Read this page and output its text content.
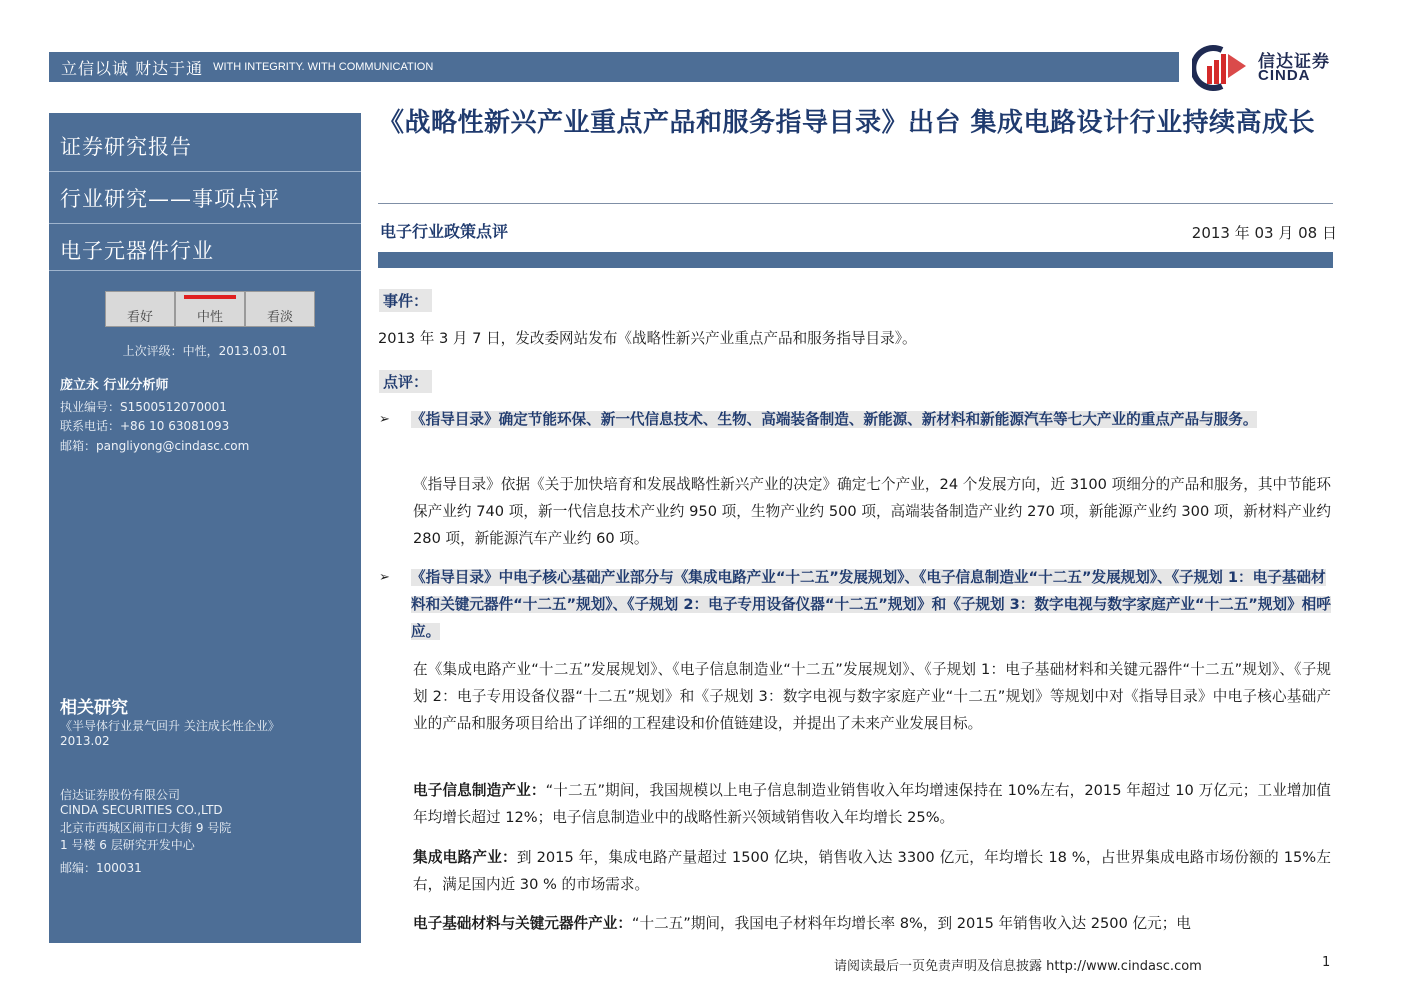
立信以诚 财达于通 WITH INTEGRITY. WITH COMMUNICATION	信达证券
CINDA
证券研究报告
行业研究——事项点评
电子元器件行业
看好	中性	看淡
上次评级：中性，2013.03.01
庞立永 行业分析师
执业编号：S1500512070001
联系电话：+86 10 63081093
邮箱：pangliyong@cindasc.com
相关研究
《半导体行业景气回升 关注成长性企业》
2013.02
信达证券股份有限公司
CINDA SECURITIES CO.,LTD
北京市西城区闹市口大街 9 号院
1 号楼 6 层研究开发中心
邮编：100031
《战略性新兴产业重点产品和服务指导目录》出台 集成电路设计行业持续高成长
电子行业政策点评	2013 年 03 月 08 日
事件：
2013 年 3 月 7 日，发改委网站发布《战略性新兴产业重点产品和服务指导目录》。
点评：
➢ 《指导目录》确定节能环保、新一代信息技术、生物、高端装备制造、新能源、新材料和新能源汽车等七大产业的重点产品与服务。
《指导目录》依据《关于加快培育和发展战略性新兴产业的决定》确定七个产业，24 个发展方向，近 3100 项细分的产品和服务，其中节能环保产业约 740 项，新一代信息技术产业约 950 项，生物产业约 500 项，高端装备制造产业约 270 项，新能源产业约 300 项，新材料产业约 280 项，新能源汽车产业约 60 项。
➢ 《指导目录》中电子核心基础产业部分与《集成电路产业“十二五”发展规划》、《电子信息制造业“十二五”发展规划》、《子规划 1：电子基础材料和关键元器件“十二五”规划》、《子规划 2：电子专用设备仪器“十二五”规划》和《子规划 3：数字电视与数字家庭产业“十二五”规划》相呼应。
在《集成电路产业“十二五”发展规划》、《电子信息制造业“十二五”发展规划》、《子规划 1：电子基础材料和关键元器件“十二五”规划》、《子规划 2：电子专用设备仪器“十二五”规划》和《子规划 3：数字电视与数字家庭产业“十二五”规划》等规划中对《指导目录》中电子核心基础产业的产品和服务项目给出了详细的工程建设和价值链建设，并提出了未来产业发展目标。
电子信息制造产业：“十二五”期间，我国规模以上电子信息制造业销售收入年均增速保持在 10%左右，2015 年超过 10 万亿元；工业增加值年均增长超过 12%；电子信息制造业中的战略性新兴领域销售收入年均增长 25%。
集成电路产业：到 2015 年，集成电路产量超过 1500 亿块，销售收入达 3300 亿元，年均增长 18 %，占世界集成电路市场份额的 15%左右，满足国内近 30 % 的市场需求。
电子基础材料与关键元器件产业：“十二五”期间，我国电子材料年均增长率 8%，到 2015 年销售收入达 2500 亿元；电
请阅读最后一页免责声明及信息披露 http://www.cindasc.com	1
